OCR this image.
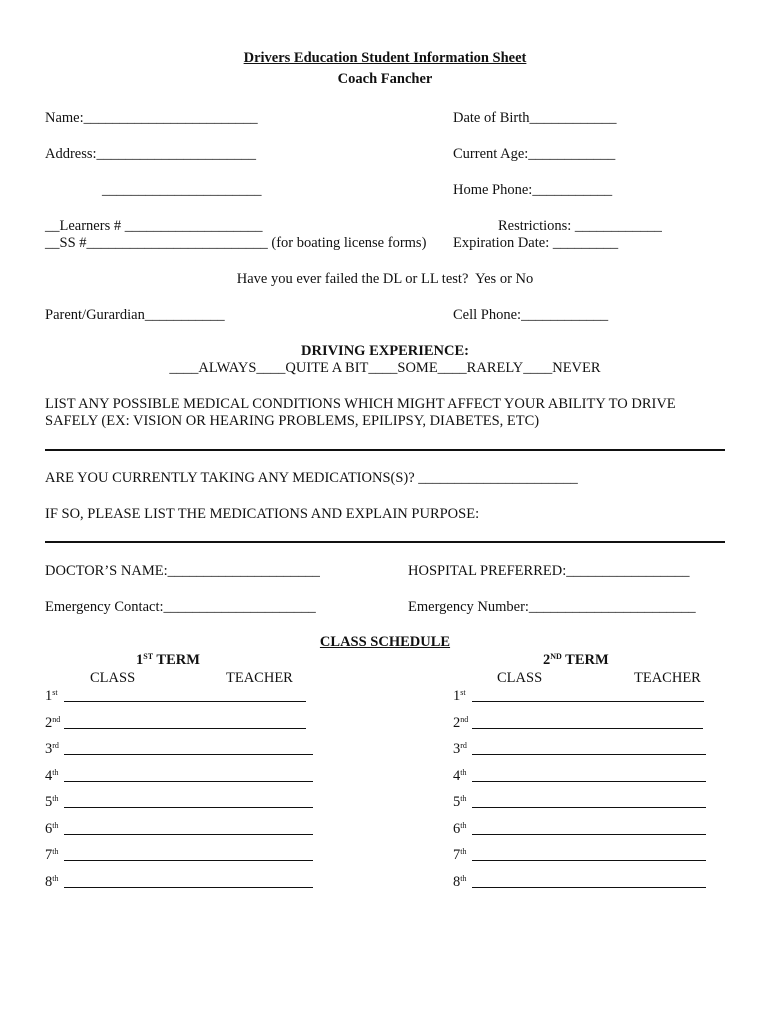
Drivers Education Student Information Sheet
Coach Fancher
Name:________________________	Date of Birth____________
Address:______________________	Current Age:____________
______________________	Home Phone:___________
__Learners # ___________________	Restrictions: ____________
__SS #_________________________ (for boating license forms) Expiration Date: _________
Have you ever failed the DL or LL test?  Yes or No
Parent/Gurardian___________	Cell Phone:____________
DRIVING EXPERIENCE:
____ALWAYS____QUITE A BIT____SOME____RARELY____NEVER
LIST ANY POSSIBLE MEDICAL CONDITIONS WHICH MIGHT AFFECT YOUR ABILITY TO DRIVE
SAFELY (EX: VISION OR HEARING PROBLEMS, EPILIPSY, DIABETES, ETC)
ARE YOU CURRENTLY TAKING ANY MEDICATIONS(S)? ______________________
IF SO, PLEASE LIST THE MEDICATIONS AND EXPLAIN PURPOSE:
DOCTOR’S NAME:_____________________	HOSPITAL PREFERRED:_________________
Emergency Contact:_____________________	Emergency Number:_______________________
CLASS SCHEDULE
1ST TERM	2ND TERM
CLASS	TEACHER	CLASS	TEACHER
1st	1st
2nd	2nd
3rd	3rd
4th	4th
5th	5th
6th	6th
7th	7th
8th	8th
